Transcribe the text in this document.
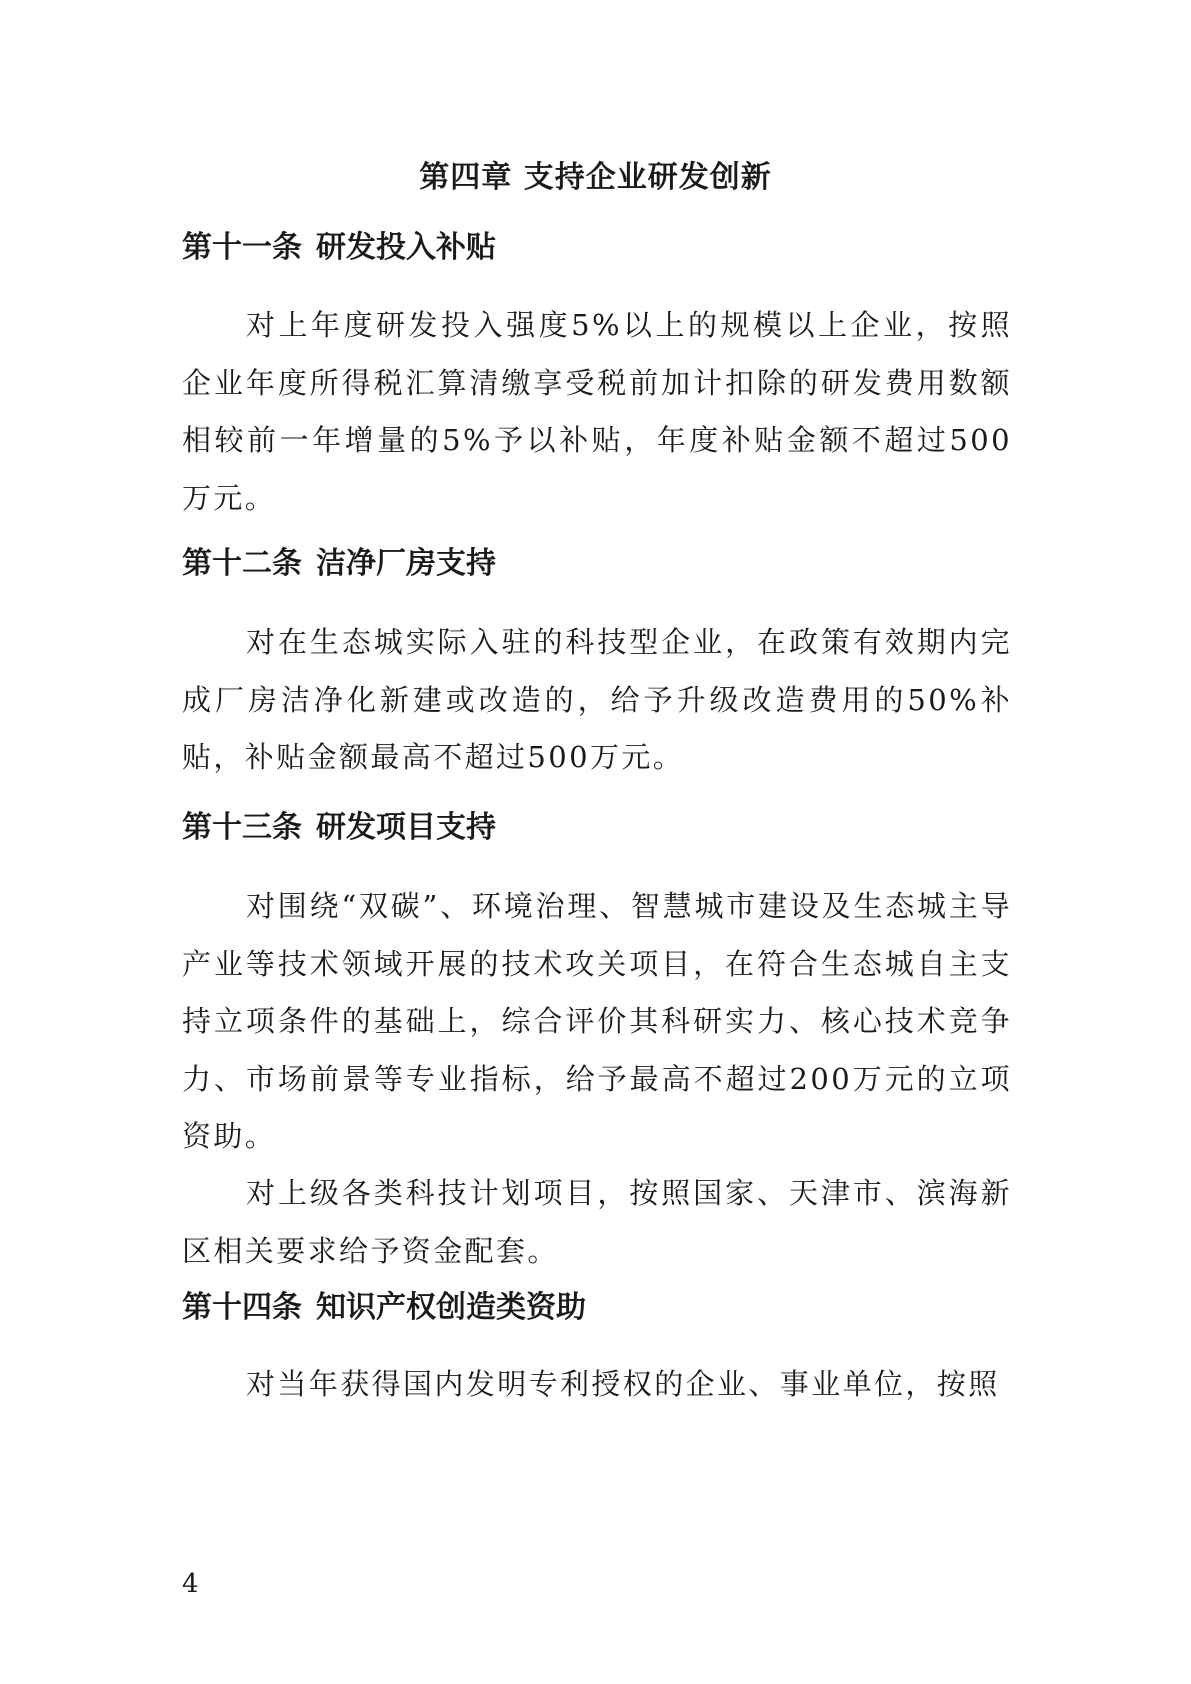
第四章 支持企业研发创新
第十一条 研发投入补贴

对上年度研发投入强度5%以上的规模以上企业，按照企业年度所得税汇算清缴享受税前加计扣除的研发费用数额相较前一年增量的5%予以补贴，年度补贴金额不超过500万元。

第十二条 洁净厂房支持

对在生态城实际入驻的科技型企业，在政策有效期内完成厂房洁净化新建或改造的，给予升级改造费用的50%补贴，补贴金额最高不超过500万元。

第十三条 研发项目支持

对围绕“双碳”、环境治理、智慧城市建设及生态城主导产业等技术领域开展的技术攻关项目，在符合生态城自主支持立项条件的基础上，综合评价其科研实力、核心技术竞争力、市场前景等专业指标，给予最高不超过200万元的立项资助。

对上级各类科技计划项目，按照国家、天津市、滨海新区相关要求给予资金配套。

第十四条 知识产权创造类资助

对当年获得国内发明专利授权的企业、事业单位，按照

4
